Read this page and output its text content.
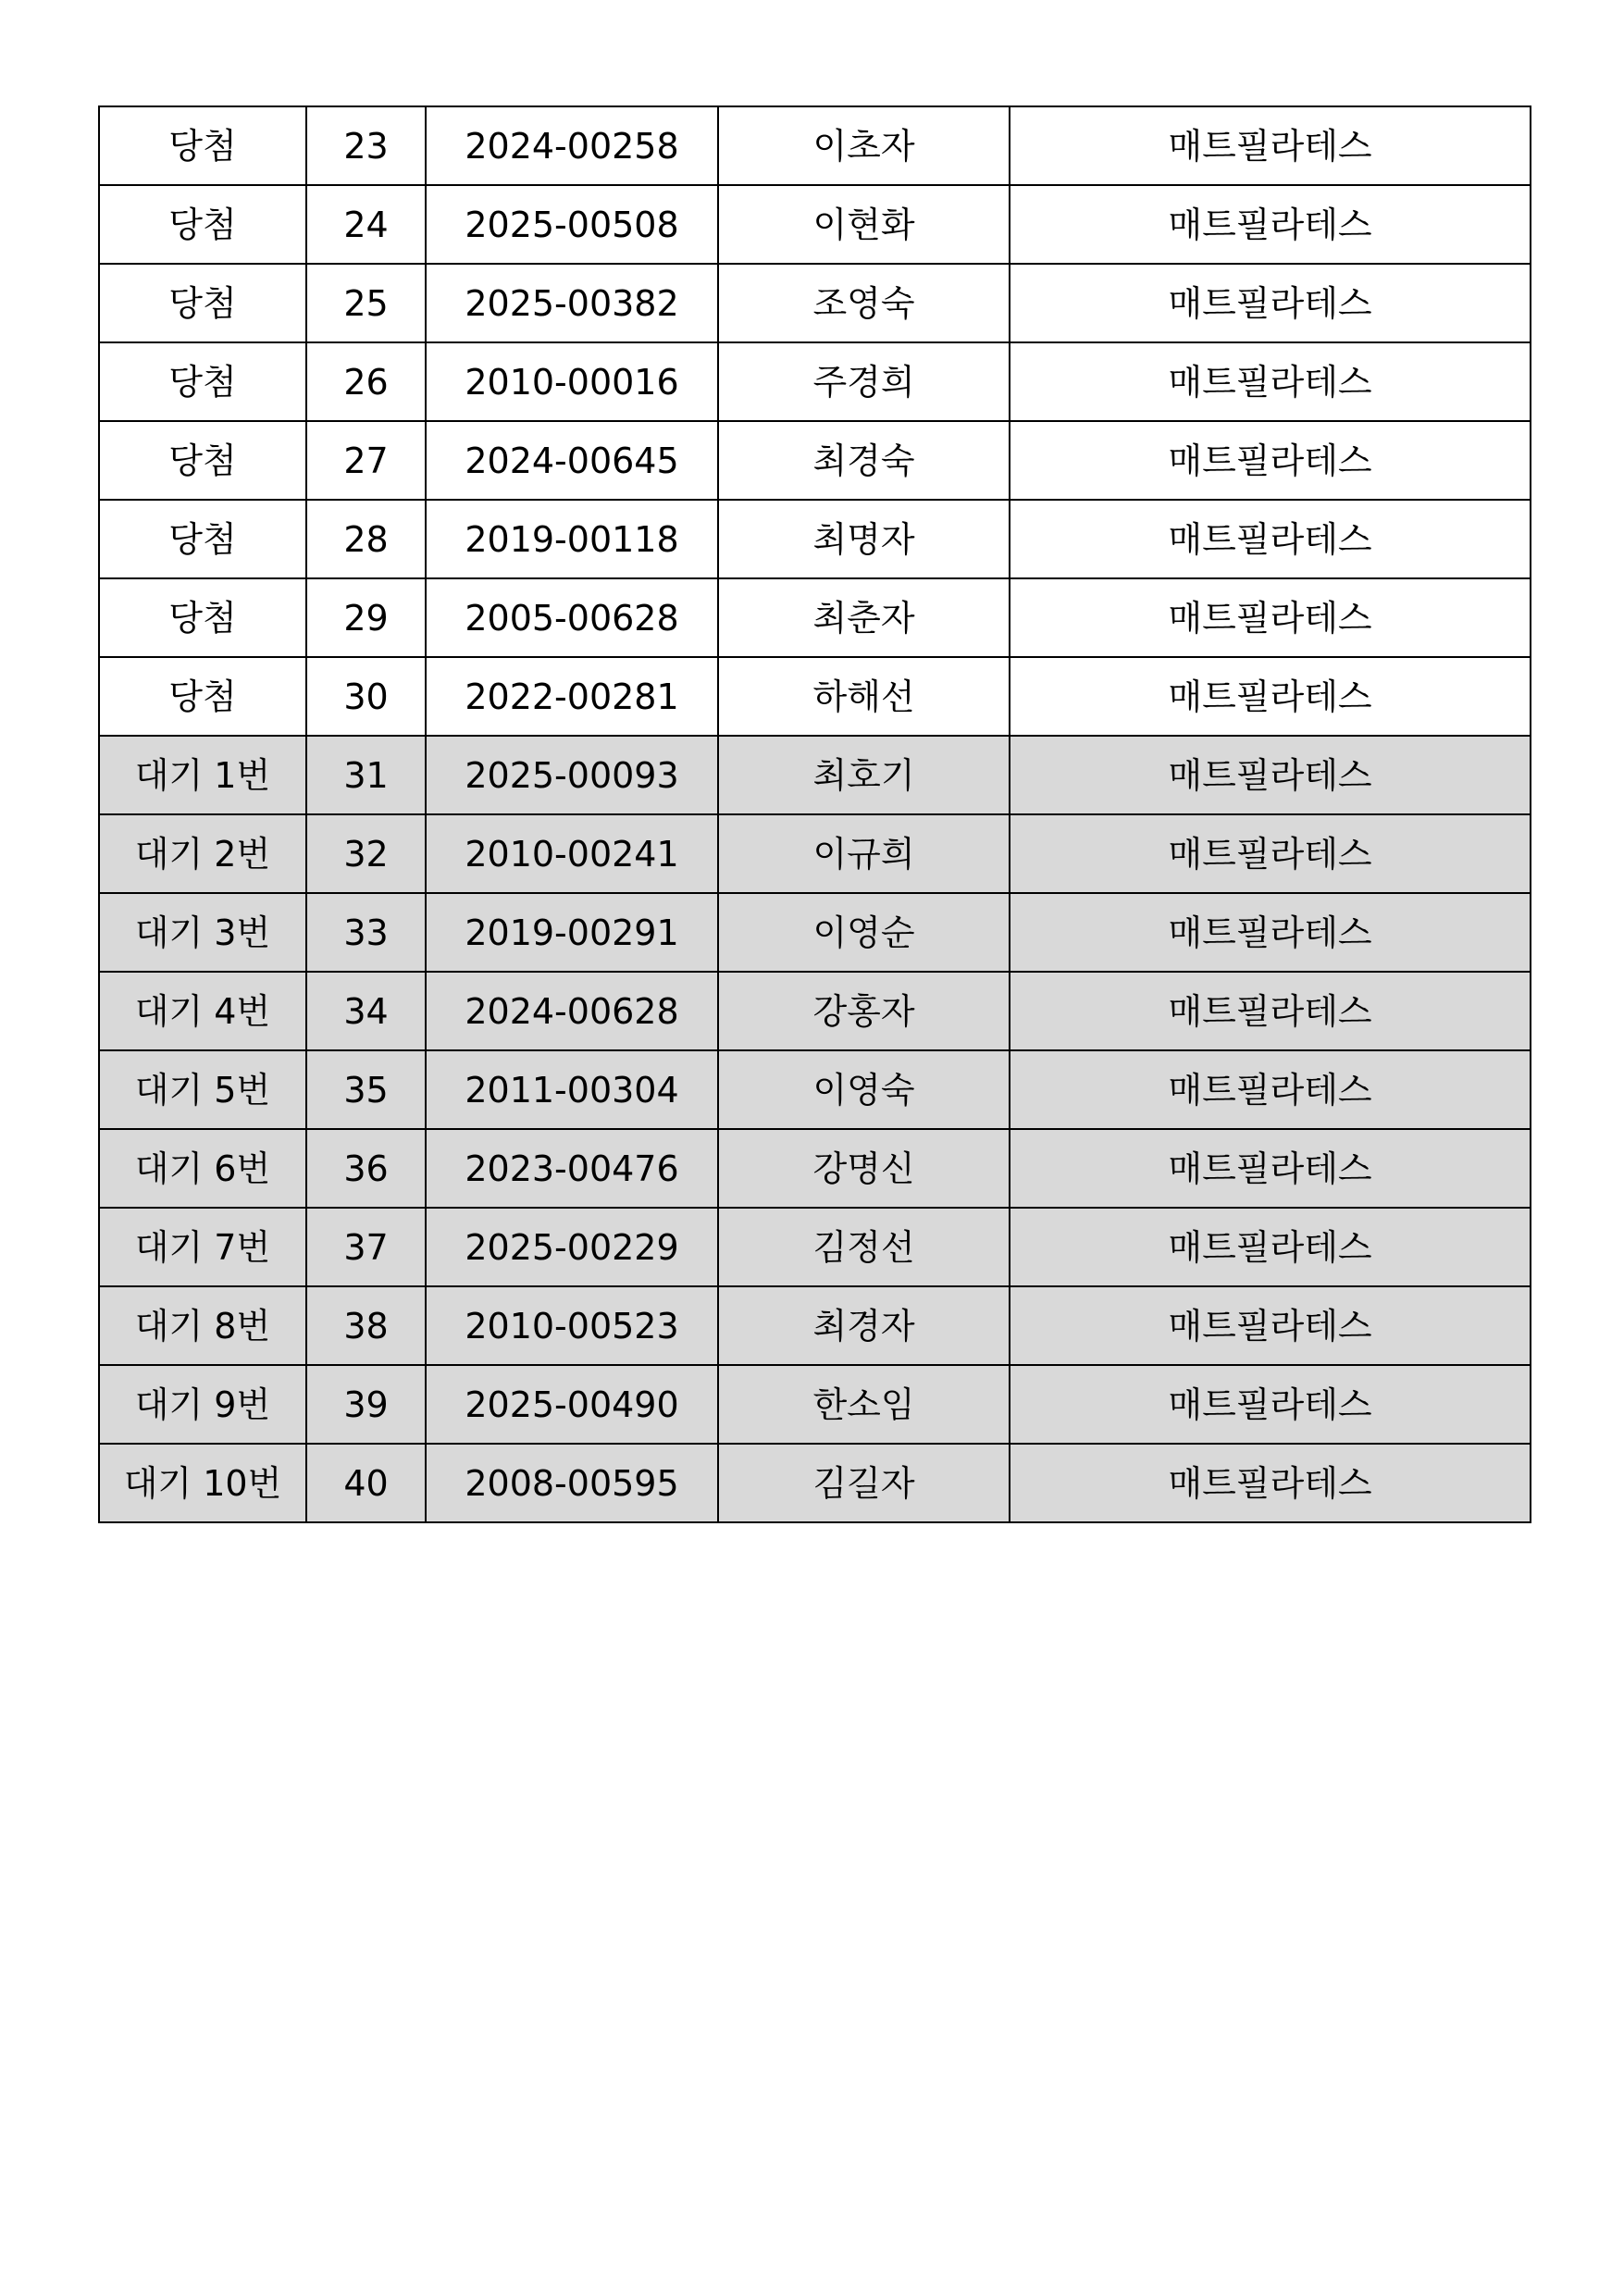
당첨	23	2024-00258	이초자	매트필라테스
당첨	24	2025-00508	이현화	매트필라테스
당첨	25	2025-00382	조영숙	매트필라테스
당첨	26	2010-00016	주경희	매트필라테스
당첨	27	2024-00645	최경숙	매트필라테스
당첨	28	2019-00118	최명자	매트필라테스
당첨	29	2005-00628	최춘자	매트필라테스
당첨	30	2022-00281	하해선	매트필라테스
대기 1번	31	2025-00093	최호기	매트필라테스
대기 2번	32	2010-00241	이규희	매트필라테스
대기 3번	33	2019-00291	이영순	매트필라테스
대기 4번	34	2024-00628	강홍자	매트필라테스
대기 5번	35	2011-00304	이영숙	매트필라테스
대기 6번	36	2023-00476	강명신	매트필라테스
대기 7번	37	2025-00229	김정선	매트필라테스
대기 8번	38	2010-00523	최경자	매트필라테스
대기 9번	39	2025-00490	한소임	매트필라테스
대기 10번	40	2008-00595	김길자	매트필라테스
